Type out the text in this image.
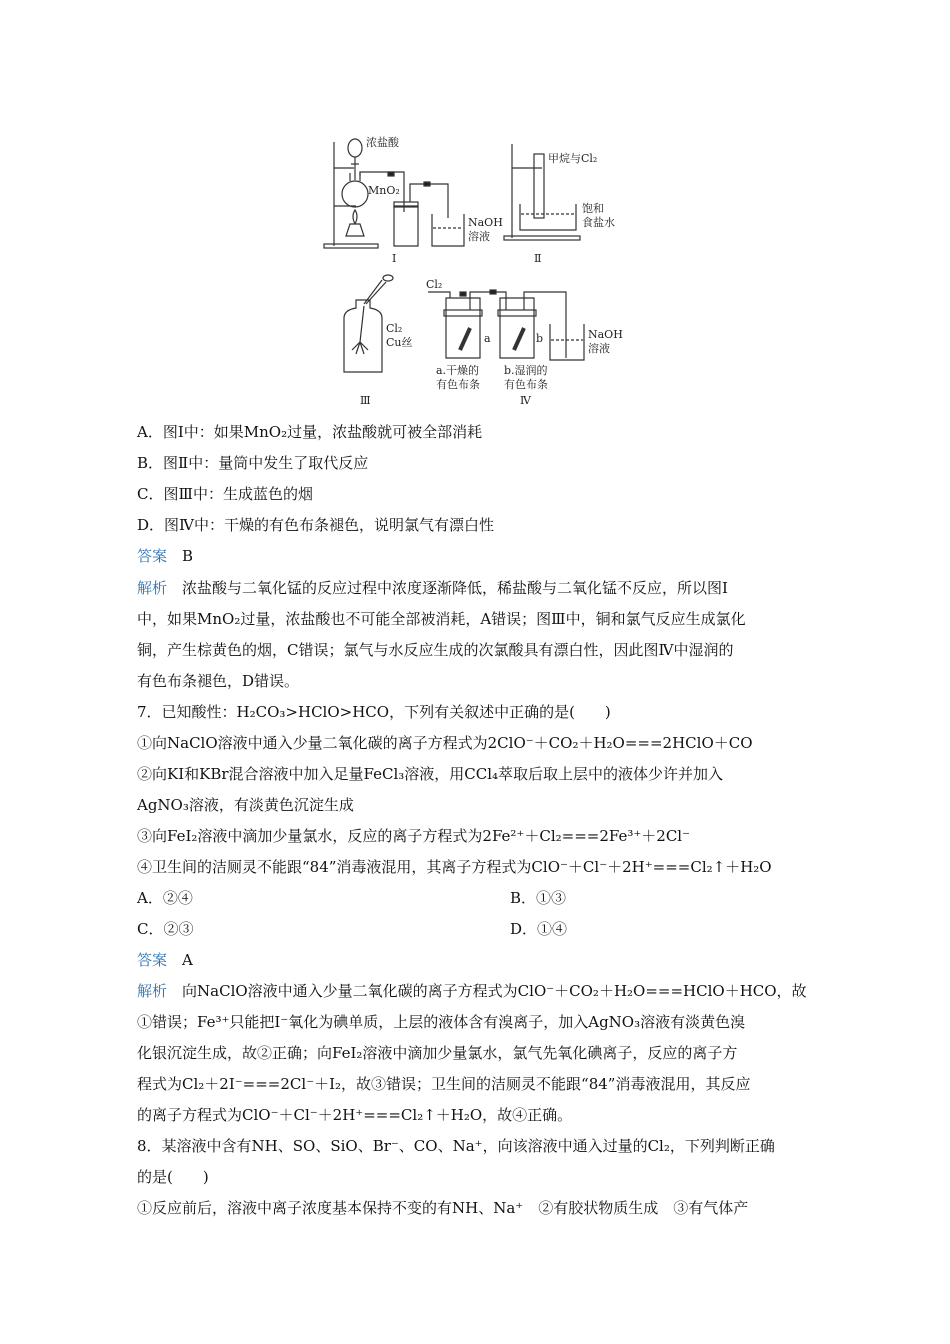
浓盐酸
MnO₂
NaOH
溶液
甲烷与Cl₂
饱和
食盐水
Cl₂
Cu丝
Cl₂
a	b	NaOH
溶液
a.干燥的
有色布条
b.湿润的
有色布条
Ⅰ	Ⅱ
Ⅲ	Ⅳ
A．图Ⅰ中：如果MnO₂过量，浓盐酸就可被全部消耗
B．图Ⅱ中：量筒中发生了取代反应
C．图Ⅲ中：生成蓝色的烟
D．图Ⅳ中：干燥的有色布条褪色，说明氯气有漂白性
答案　 B
解析　 浓盐酸与二氧化锰的反应过程中浓度逐渐降低，稀盐酸与二氧化锰不反应，所以图Ⅰ
中，如果MnO₂过量，浓盐酸也不可能全部被消耗，A错误；图Ⅲ中，铜和氯气反应生成氯化
铜，产生棕黄色的烟，C错误；氯气与水反应生成的次氯酸具有漂白性，因此图Ⅳ中湿润的
有色布条褪色，D错误。
7．已知酸性：H₂CO₃>HClO>HCO，下列有关叙述中正确的是(　　)
①向NaClO溶液中通入少量二氧化碳的离子方程式为2ClO⁻＋CO₂＋H₂O===2HClO＋CO
②向KI和KBr混合溶液中加入足量FeCl₃溶液，用CCl₄萃取后取上层中的液体少许并加入
AgNO₃溶液，有淡黄色沉淀生成
③向FeI₂溶液中滴加少量氯水，反应的离子方程式为2Fe²⁺＋Cl₂===2Fe³⁺＋2Cl⁻
④卫生间的洁厕灵不能跟“84”消毒液混用，其离子方程式为ClO⁻＋Cl⁻＋2H⁺===Cl₂↑＋H₂O
A．②④	B．①③
C．②③	D．①④
答案　 A
解析　 向NaClO溶液中通入少量二氧化碳的离子方程式为ClO⁻＋CO₂＋H₂O===HClO＋HCO，故
①错误；Fe³⁺只能把I⁻氧化为碘单质，上层的液体含有溴离子，加入AgNO₃溶液有淡黄色溴
化银沉淀生成，故②正确；向FeI₂溶液中滴加少量氯水，氯气先氧化碘离子，反应的离子方
程式为Cl₂＋2I⁻===2Cl⁻＋I₂，故③错误；卫生间的洁厕灵不能跟“84”消毒液混用，其反应
的离子方程式为ClO⁻＋Cl⁻＋2H⁺===Cl₂↑＋H₂O，故④正确。
8．某溶液中含有NH、SO、SiO、Br⁻、CO、Na⁺，向该溶液中通入过量的Cl₂，下列判断正确
的是(　　)
①反应前后，溶液中离子浓度基本保持不变的有NH、Na⁺　②有胶状物质生成　③有气体产
